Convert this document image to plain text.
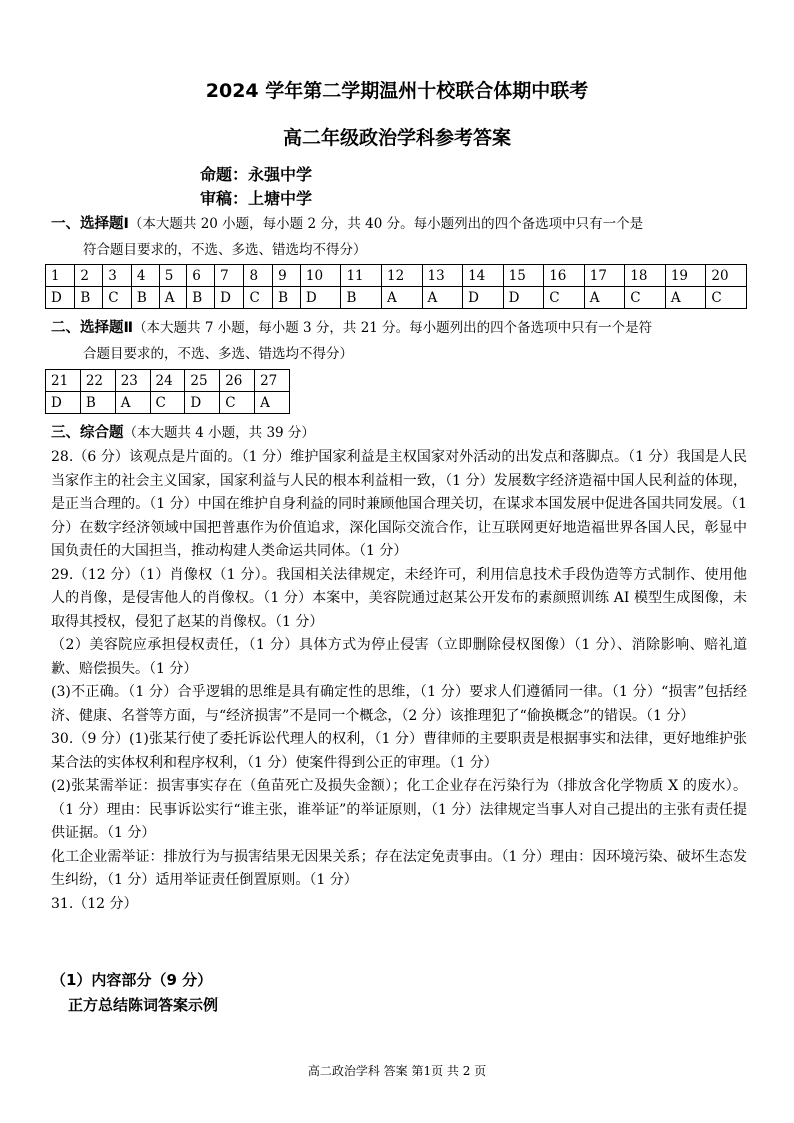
2024 学年第二学期温州十校联合体期中联考
高二年级政治学科参考答案
命题：永强中学
审稿：上塘中学
一、选择题Ⅰ（本大题共 20 小题，每小题 2 分，共 40 分。每小题列出的四个备选项中只有一个是
符合题目要求的，不选、多选、错选均不得分）
1	2	3	4	5	6	7	8	9	10	11	12	13	14	15	16	17	18	19	20
D	B	C	B	A	B	D	C	B	D	B	A	A	D	D	C	A	C	A	C
二、选择题Ⅱ（本大题共 7 小题，每小题 3 分，共 21 分。每小题列出的四个备选项中只有一个是符
合题目要求的，不选、多选、错选均不得分）
21	22	23	24	25	26	27
D	B	A	C	D	C	A
三、综合题（本大题共 4 小题，共 39 分）

28.（6 分）该观点是片面的。（1 分）维护国家利益是主权国家对外活动的出发点和落脚点。（1 分）我国是人民当家作主的社会主义国家，国家利益与人民的根本利益相一致，（1 分）发展数字经济造福中国人民利益的体现，是正当合理的。（1 分）中国在维护自身利益的同时兼顾他国合理关切，在谋求本国发展中促进各国共同发展。（1 分）在数字经济领域中国把普惠作为价值追求，深化国际交流合作，让互联网更好地造福世界各国人民，彰显中国负责任的大国担当，推动构建人类命运共同体。（1 分）

29.（12 分）（1）肖像权（1 分）。我国相关法律规定，未经许可，利用信息技术手段伪造等方式制作、使用他人的肖像，是侵害他人的肖像权。（1 分）本案中，美容院通过赵某公开发布的素颜照训练 AI 模型生成图像，未取得其授权，侵犯了赵某的肖像权。（1 分）

（2）美容院应承担侵权责任，（1 分）具体方式为停止侵害（立即删除侵权图像）（1 分）、消除影响、赔礼道歉、赔偿损失。（1 分）

(3)不正确。（1 分）合乎逻辑的思维是具有确定性的思维，（1 分）要求人们遵循同一律。（1 分）“损害”包括经济、健康、名誉等方面，与“经济损害”不是同一个概念，（2 分）该推理犯了“偷换概念”的错误。（1 分）

30.（9 分）(1)张某行使了委托诉讼代理人的权利，（1 分）曹律师的主要职责是根据事实和法律，更好地维护张某合法的实体权利和程序权利，（1 分）使案件得到公正的审理。（1 分）

(2)张某需举证：损害事实存在（鱼苗死亡及损失金额）；化工企业存在污染行为（排放含化学物质 X 的废水）。（1 分）理由：民事诉讼实行“谁主张，谁举证”的举证原则，（1 分）法律规定当事人对自己提出的主张有责任提供证据。（1 分）

化工企业需举证：排放行为与损害结果无因果关系；存在法定免责事由。（1 分）理由：因环境污染、破坏生态发生纠纷，（1 分）适用举证责任倒置原则。（1 分）

31.（12 分）

（1）内容部分（9 分）
正方总结陈词答案示例
高二政治学科 答案 第1页 共 2 页
